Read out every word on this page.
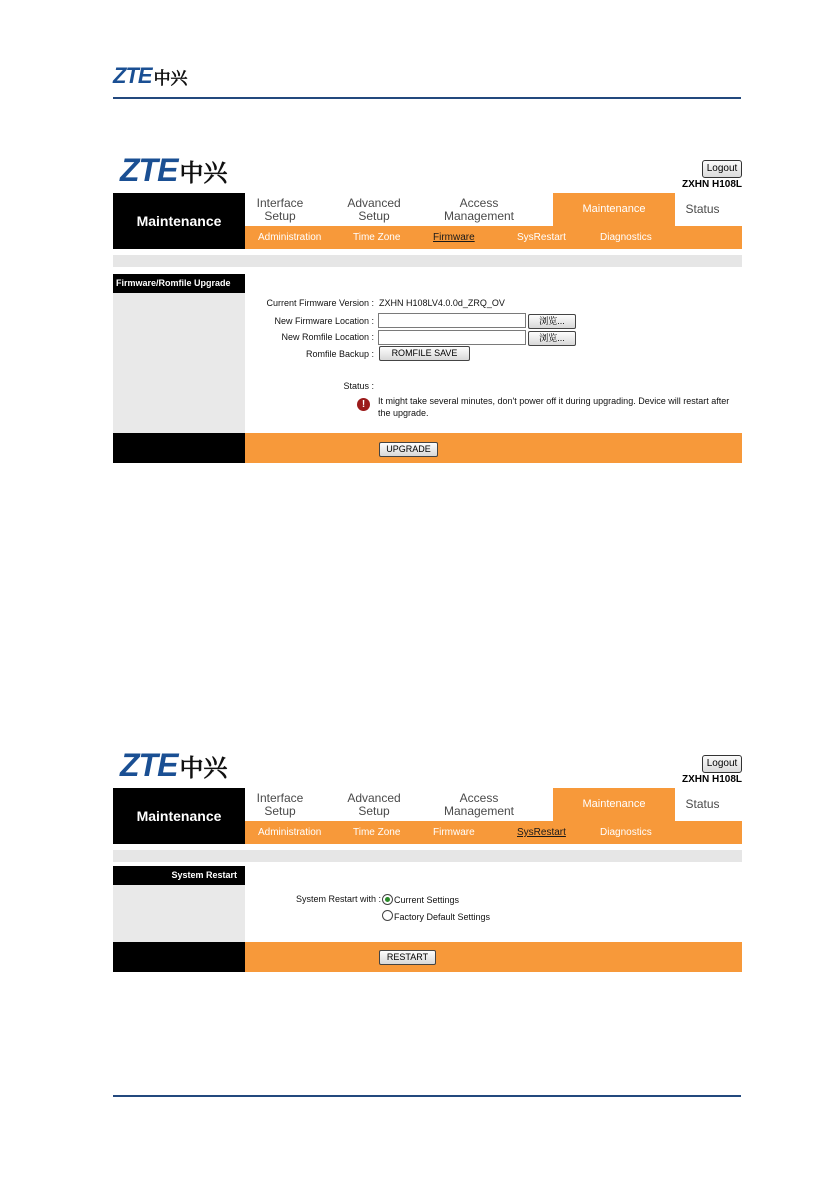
ZTE 中兴
ZTE 中兴	Logout
ZXHN H108L
Maintenance
Interface
Setup
Advanced
Setup
Access
Management	Maintenance	Status
Administration	Time Zone	Firmware	SysRestart	Diagnostics
Firmware/Romfile Upgrade
Current Firmware Version : ZXHN H108LV4.0.0d_ZRQ_OV
New Firmware Location :	浏览...
New Romfile Location :	浏览...
Romfile Backup :	ROMFILE SAVE
Status :
!	It might take several minutes, don't power off it during upgrading. Device will restart after the upgrade.
UPGRADE
ZTE 中兴	Logout
ZXHN H108L
Maintenance
Interface
Setup
Advanced
Setup
Access
Management	Maintenance	Status
Administration	Time Zone	Firmware	SysRestart	Diagnostics
System Restart
System Restart with : Current Settings
Factory Default Settings
RESTART
